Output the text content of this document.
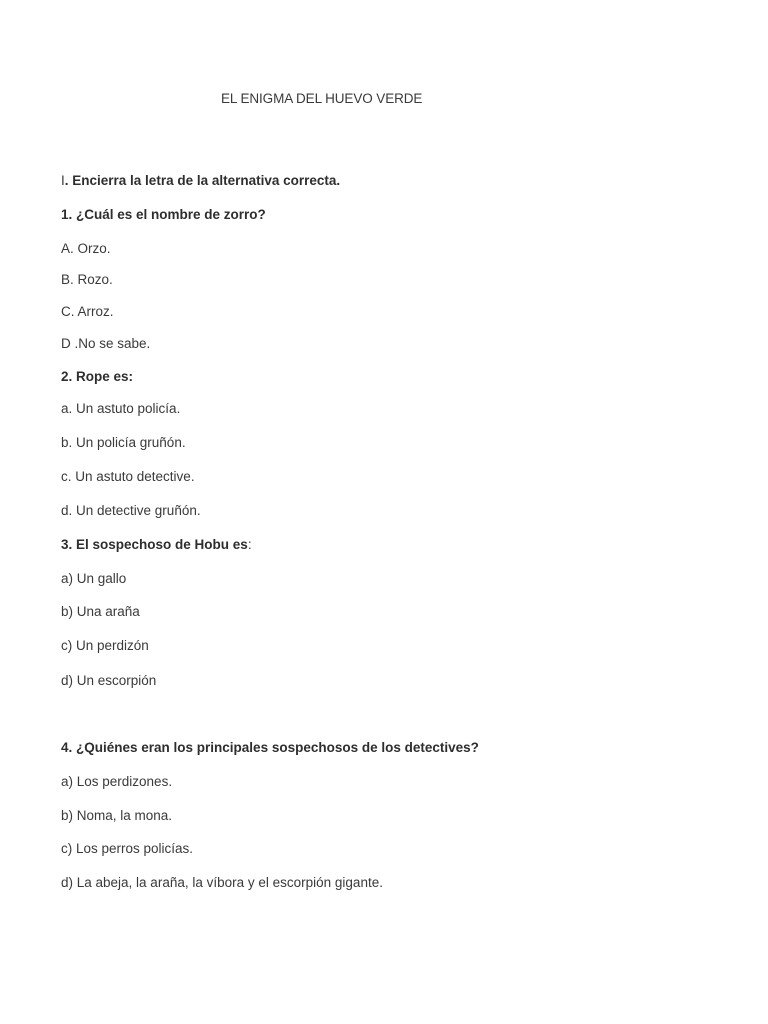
EL ENIGMA DEL HUEVO VERDE
I. Encierra la letra de la alternativa correcta.
1. ¿Cuál es el nombre de zorro?
A. Orzo.
B. Rozo.
C. Arroz.
D .No se sabe.
2. Rope es:
a. Un astuto policía.
b. Un policía gruñón.
c. Un astuto detective.
d. Un detective gruñón.
3. El sospechoso de Hobu es:
a) Un gallo
b) Una araña
c) Un perdizón
d) Un escorpión
4. ¿Quiénes eran los principales sospechosos de los detectives?
a) Los perdizones.
b) Noma, la mona.
c) Los perros policías.
d) La abeja, la araña, la víbora y el escorpión gigante.
